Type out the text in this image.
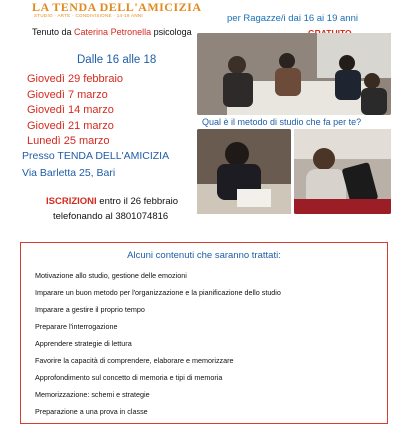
LA TENDA DELL'AMICIZIA
STUDIO · ARTE · CONDIVISIONE · 14-19 ANNI
Tenuto da Caterina Petronella psicologa
per Ragazze/i dai 16 ai 19 anni
Dalle 16 alle 18
Giovedì 29 febbraio
Giovedì 7 marzo
Giovedì 14 marzo
Giovedì 21 marzo
Lunedì 25 marzo
Presso TENDA DELL'AMICIZIA
Via Barletta 25, Bari
ISCRIZIONI entro il 26 febbraio
telefonando al 3801074816
Qual è il metodo di studio che fa per te?
Alcuni contenuti che saranno trattati:
Motivazione allo studio, gestione delle emozioni
Imparare un buon metodo per l'organizzazione e la pianificazione dello studio
Imparare a gestire il proprio tempo
Preparare l'interrogazione
Apprendere strategie di lettura
Favorire la capacità di comprendere, elaborare e memorizzare
Approfondimento sul concetto di memoria e tipi di memoria
Memorizzazione: schemi e strategie
Preparazione a una prova in classe
